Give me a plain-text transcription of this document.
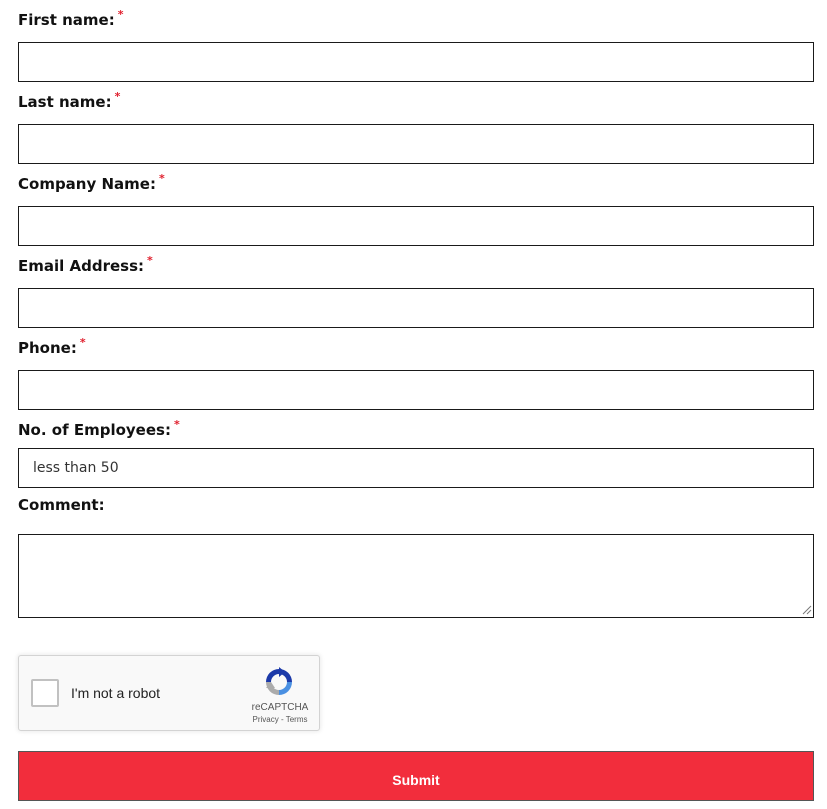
First name: *
Last name: *
Company Name: *
Email Address: *
Phone: *
No. of Employees: *
less than 50
Comment:
I'm not a robot
reCAPTCHA
Privacy - Terms
Submit
